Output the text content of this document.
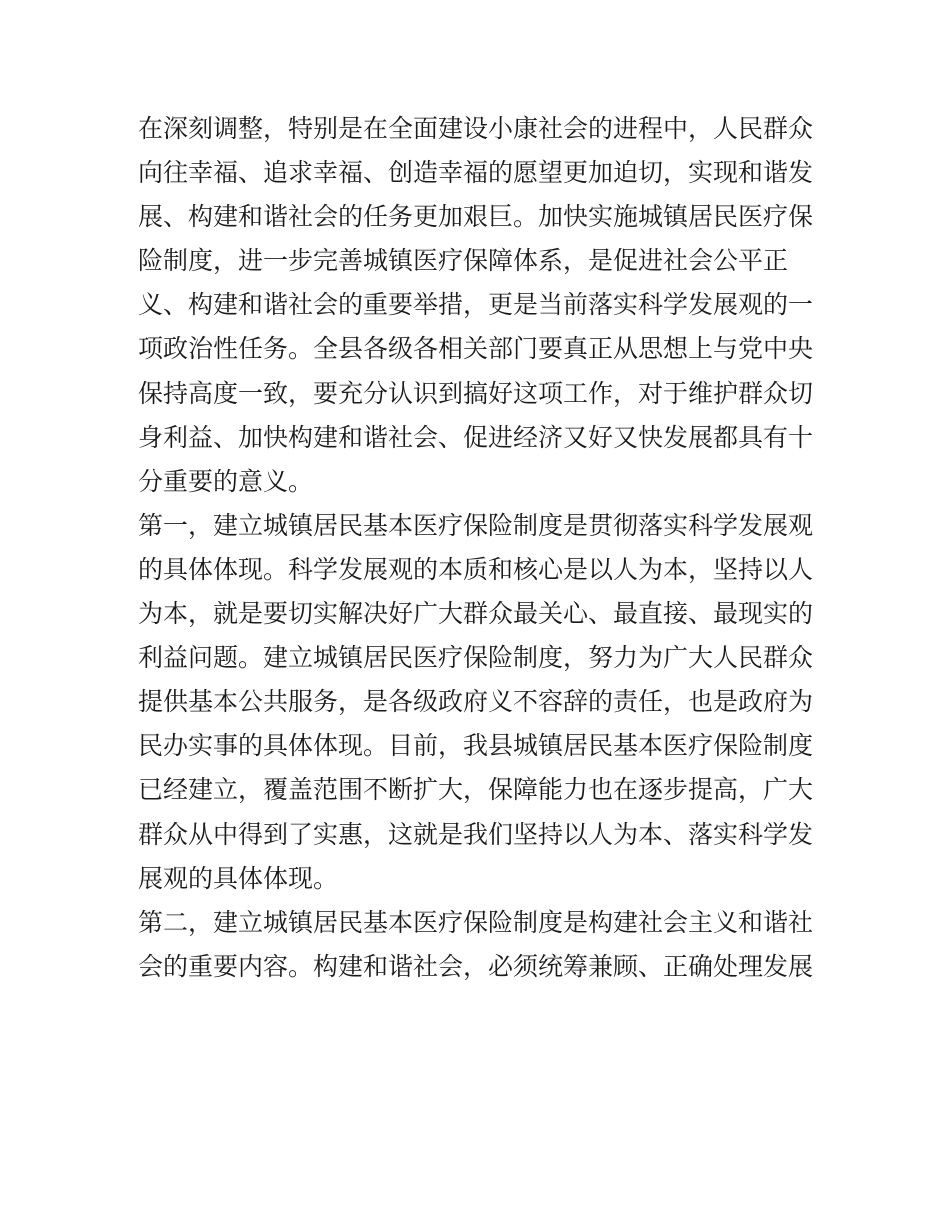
在深刻调整，特别是在全面建设小康社会的进程中，人民群众
向往幸福、追求幸福、创造幸福的愿望更加迫切，实现和谐发
展、构建和谐社会的任务更加艰巨。加快实施城镇居民医疗保
险制度，进一步完善城镇医疗保障体系，是促进社会公平正
义、构建和谐社会的重要举措，更是当前落实科学发展观的一
项政治性任务。全县各级各相关部门要真正从思想上与党中央
保持高度一致，要充分认识到搞好这项工作，对于维护群众切
身利益、加快构建和谐社会、促进经济又好又快发展都具有十
分重要的意义。
第一，建立城镇居民基本医疗保险制度是贯彻落实科学发展观
的具体体现。科学发展观的本质和核心是以人为本，坚持以人
为本，就是要切实解决好广大群众最关心、最直接、最现实的
利益问题。建立城镇居民医疗保险制度，努力为广大人民群众
提供基本公共服务，是各级政府义不容辞的责任，也是政府为
民办实事的具体体现。目前，我县城镇居民基本医疗保险制度
已经建立，覆盖范围不断扩大，保障能力也在逐步提高，广大
群众从中得到了实惠，这就是我们坚持以人为本、落实科学发
展观的具体体现。
第二，建立城镇居民基本医疗保险制度是构建社会主义和谐社
会的重要内容。构建和谐社会，必须统筹兼顾、正确处理发展
